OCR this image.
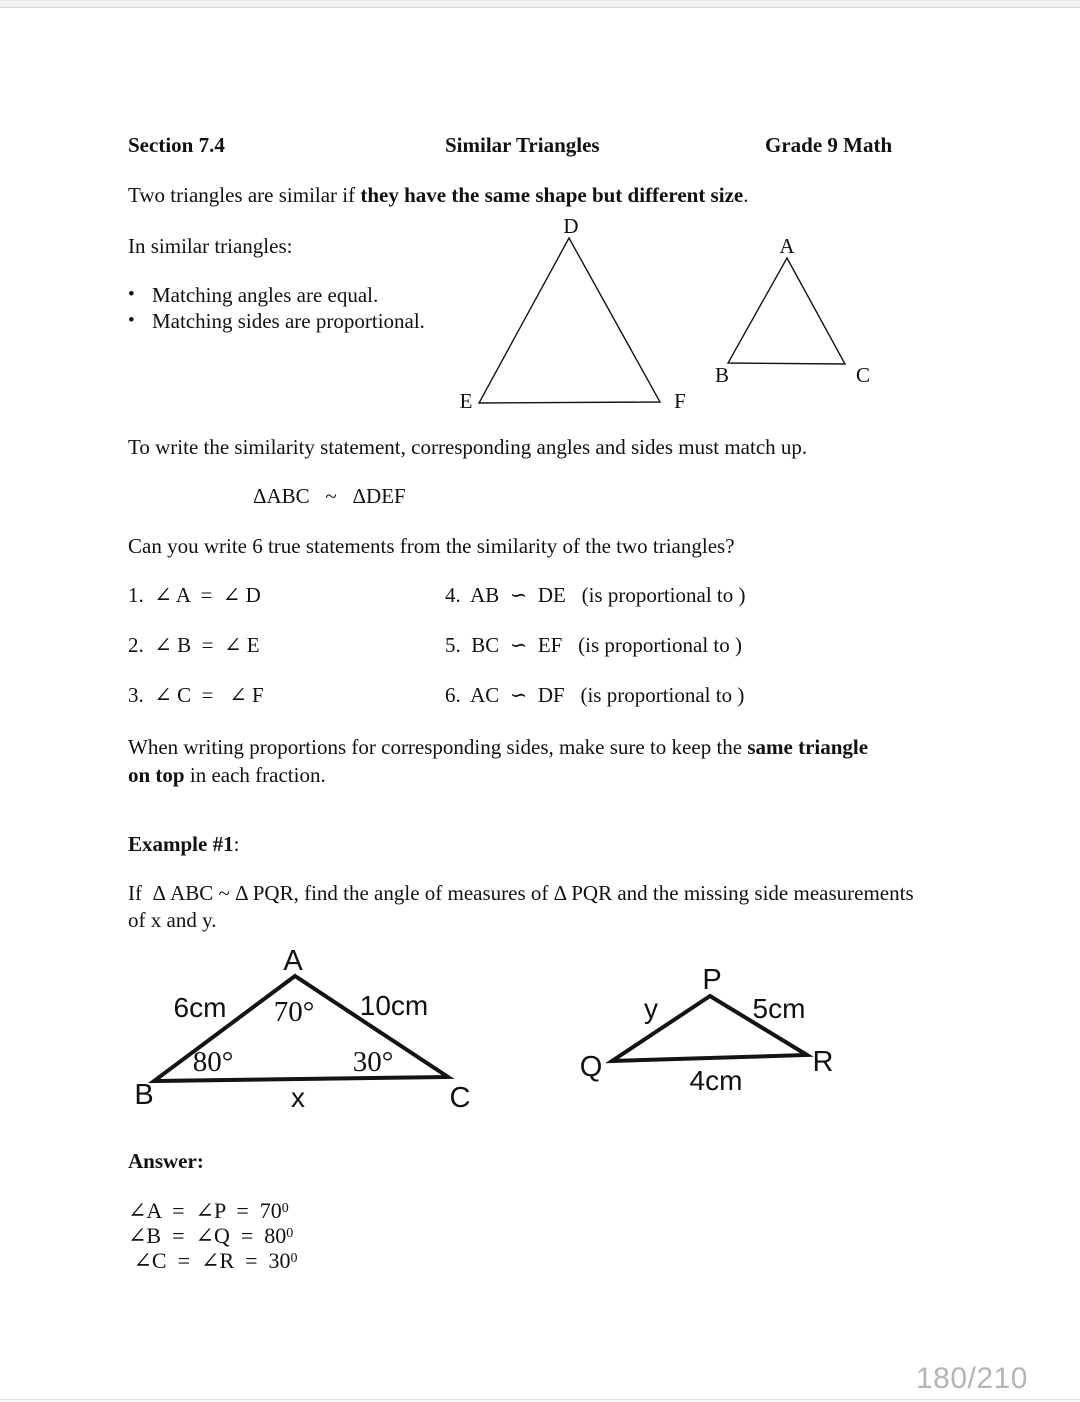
Section 7.4	Similar Triangles	Grade 9 Math
Two triangles are similar if they have the same shape but different size.
In similar triangles:
• Matching angles are equal.
• Matching sides are proportional.
D
E	F
A
B	C
To write the similarity statement, corresponding angles and sides must match up.
ΔABC   ~   ΔDEF
Can you write 6 true statements from the similarity of the two triangles?
1.  ∠ A  =  ∠ D	4.  AB  ∽  DE   (is proportional to )
2.  ∠ B  =  ∠ E	5.  BC  ∽  EF   (is proportional to )
3.  ∠ C  =   ∠ F	6.  AC  ∽  DF   (is proportional to )
When writing proportions for corresponding sides, make sure to keep the same triangle
on top in each fraction.
Example #1:
If  Δ ABC ~ Δ PQR, find the angle of measures of Δ PQR and the missing side measurements
of x and y.
A
6cm 70° 10cm
80°	30°
B	C
x
P
y	5cm
Q	R
4cm
Answer:
∠A  =  ∠P  =  $70^0$
∠B  =  ∠Q  =  $80^0$
∠C  =  ∠R  =  $30^0$
180/210
